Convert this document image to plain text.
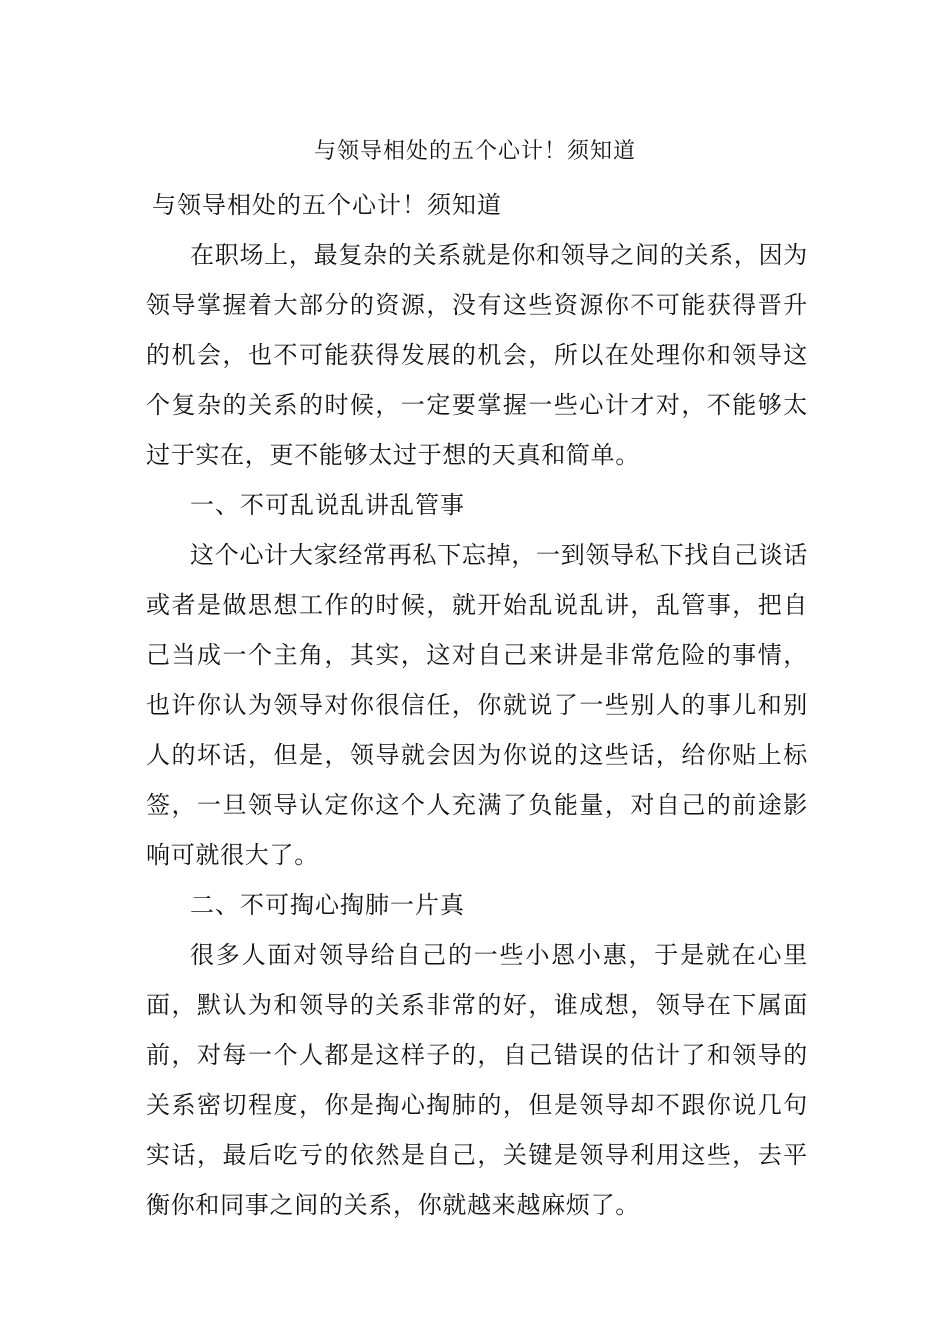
与领导相处的五个心计！须知道

与领导相处的五个心计！须知道

在职场上，最复杂的关系就是你和领导之间的关系，因为领导掌握着大部分的资源，没有这些资源你不可能获得晋升的机会，也不可能获得发展的机会，所以在处理你和领导这个复杂的关系的时候，一定要掌握一些心计才对，不能够太过于实在，更不能够太过于想的天真和简单。

一、不可乱说乱讲乱管事

这个心计大家经常再私下忘掉，一到领导私下找自己谈话或者是做思想工作的时候，就开始乱说乱讲，乱管事，把自己当成一个主角，其实，这对自己来讲是非常危险的事情，也许你认为领导对你很信任，你就说了一些别人的事儿和别人的坏话，但是，领导就会因为你说的这些话，给你贴上标签，一旦领导认定你这个人充满了负能量，对自己的前途影响可就很大了。

二、不可掏心掏肺一片真

很多人面对领导给自己的一些小恩小惠，于是就在心里面，默认为和领导的关系非常的好，谁成想，领导在下属面前，对每一个人都是这样子的，自己错误的估计了和领导的关系密切程度，你是掏心掏肺的，但是领导却不跟你说几句实话，最后吃亏的依然是自己，关键是领导利用这些，去平衡你和同事之间的关系，你就越来越麻烦了。
